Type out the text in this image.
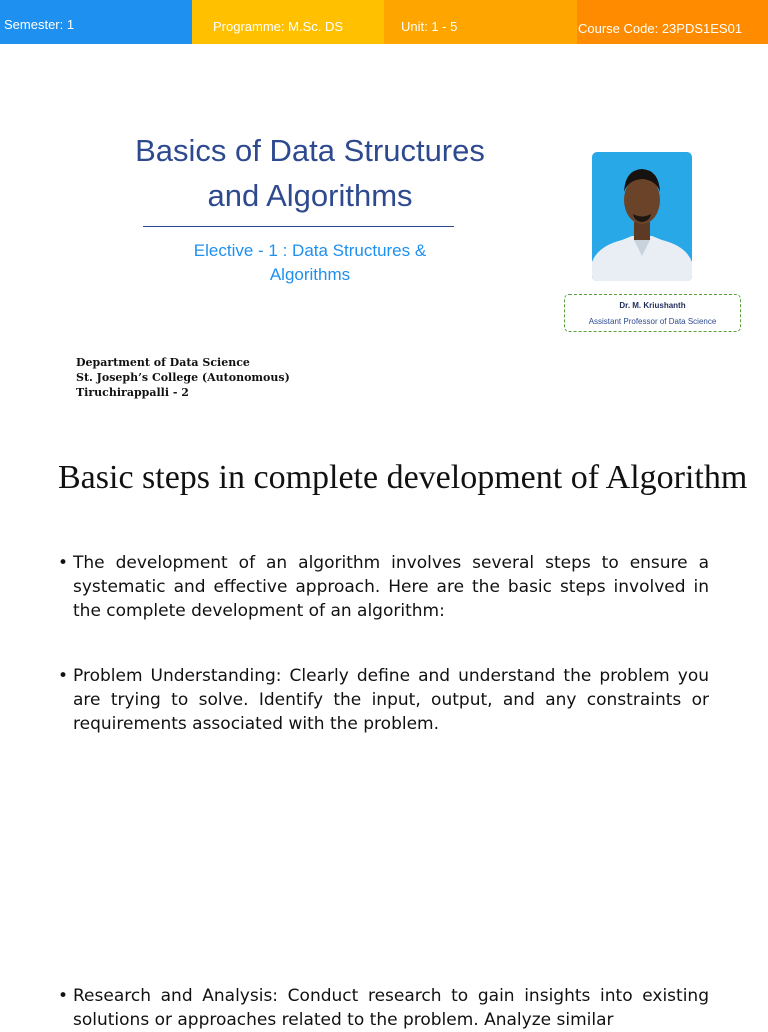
Semester: 1	Programme: M.Sc. DS	Unit: 1 - 5	Course Code: 23PDS1ES01
Basics of Data Structures
and Algorithms
Elective - 1 : Data Structures &
Algorithms
Dr. M. Kriushanth
Assistant Professor of Data Science
Department of Data Science
St. Joseph’s College (Autonomous)
Tiruchirappalli - 2
Basic steps in complete development of Algorithm
• The development of an algorithm involves several steps to ensure a systematic and effective approach. Here are the basic steps involved in the complete development of an algorithm:
• Problem Understanding: Clearly define and understand the problem you are trying to solve. Identify the input, output, and any constraints or requirements associated with the problem.
• Research and Analysis: Conduct research to gain insights into existing solutions or approaches related to the problem. Analyze similar
